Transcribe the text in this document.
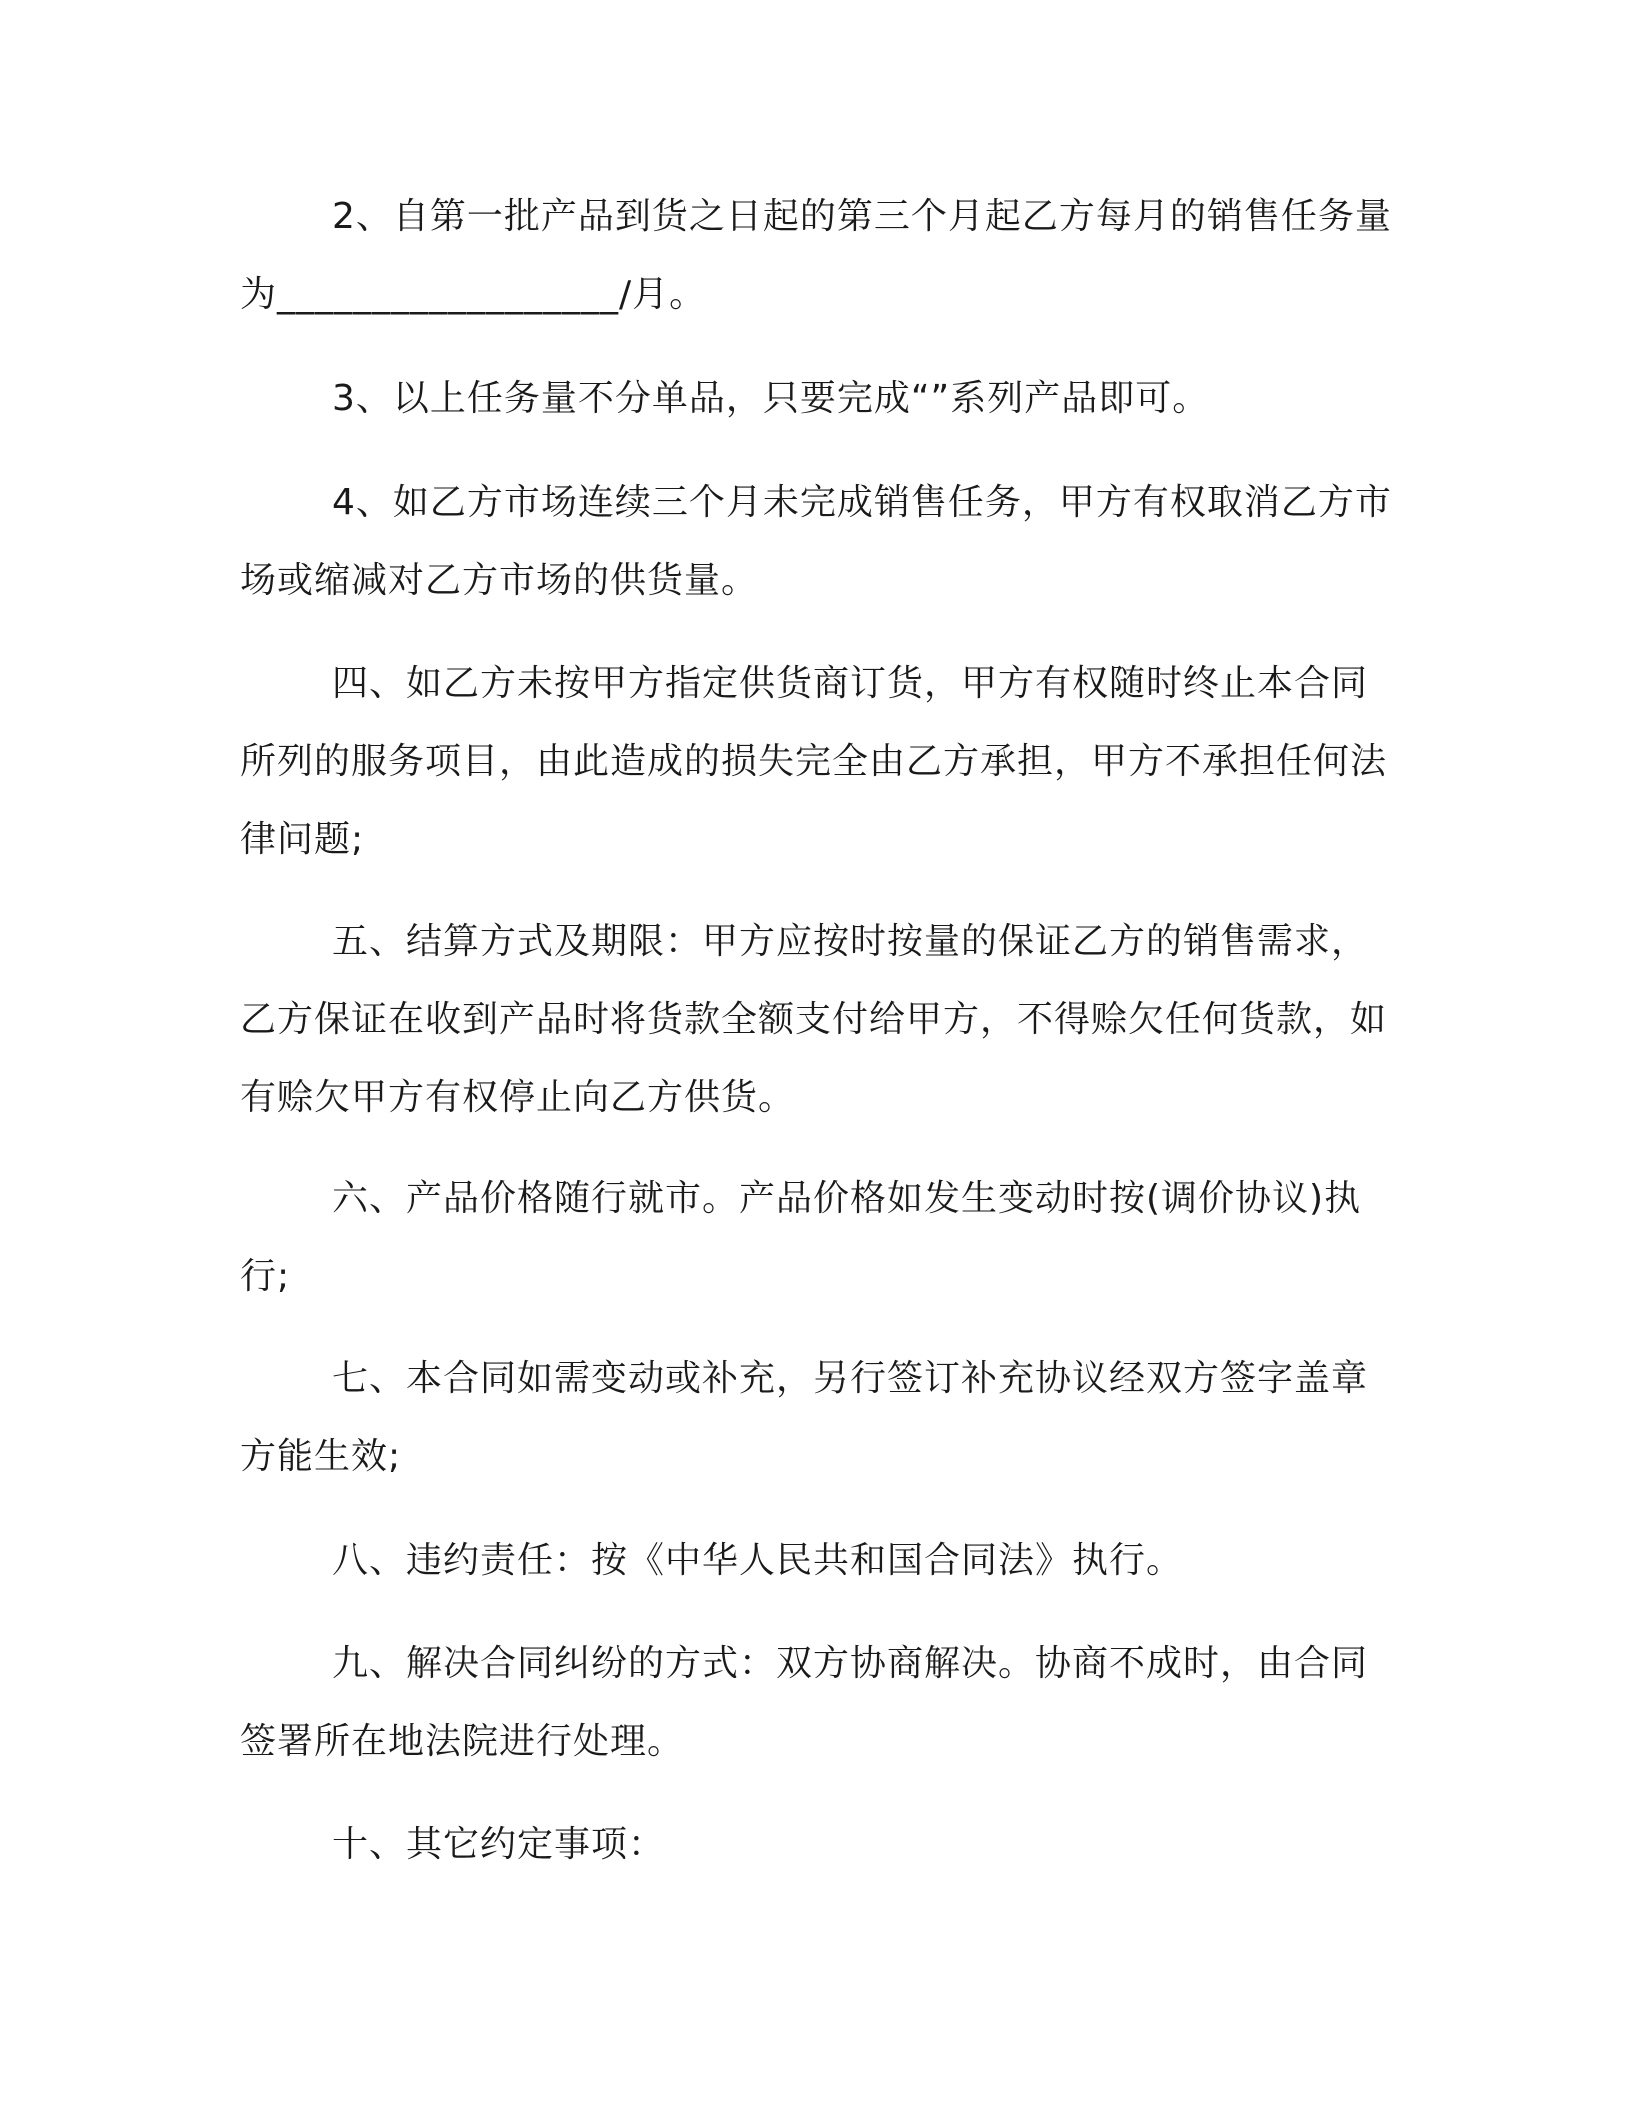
2、自第一批产品到货之日起的第三个月起乙方每月的销售任务量为__________________/月。

3、以上任务量不分单品，只要完成“”系列产品即可。

4、如乙方市场连续三个月未完成销售任务，甲方有权取消乙方市场或缩减对乙方市场的供货量。

四、如乙方未按甲方指定供货商订货，甲方有权随时终止本合同所列的服务项目，由此造成的损失完全由乙方承担，甲方不承担任何法律问题;

五、结算方式及期限：甲方应按时按量的保证乙方的销售需求，乙方保证在收到产品时将货款全额支付给甲方，不得赊欠任何货款，如有赊欠甲方有权停止向乙方供货。

六、产品价格随行就市。产品价格如发生变动时按(调价协议)执行;

七、本合同如需变动或补充，另行签订补充协议经双方签字盖章方能生效;

八、违约责任：按《中华人民共和国合同法》执行。

九、解决合同纠纷的方式：双方协商解决。协商不成时，由合同签署所在地法院进行处理。

十、其它约定事项：
